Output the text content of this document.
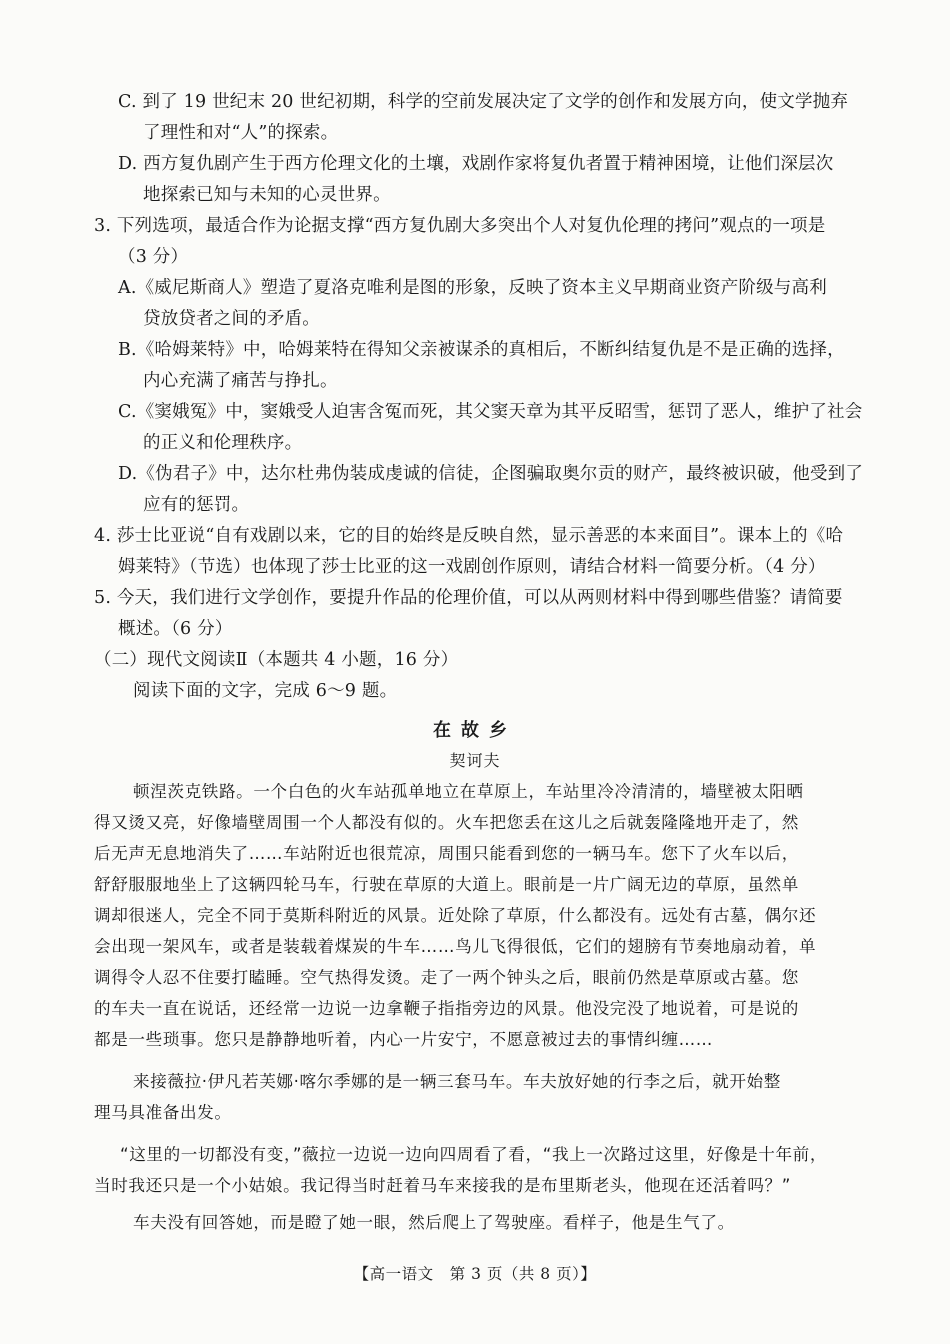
C. 到了 19 世纪末 20 世纪初期，科学的空前发展决定了文学的创作和发展方向，使文学抛弃
了理性和对“人”的探索。
D. 西方复仇剧产生于西方伦理文化的土壤，戏剧作家将复仇者置于精神困境，让他们深层次
地探索已知与未知的心灵世界。
3. 下列选项，最适合作为论据支撑“西方复仇剧大多突出个人对复仇伦理的拷问”观点的一项是
（3 分）
A.《威尼斯商人》塑造了夏洛克唯利是图的形象，反映了资本主义早期商业资产阶级与高利
贷放贷者之间的矛盾。
B.《哈姆莱特》中，哈姆莱特在得知父亲被谋杀的真相后，不断纠结复仇是不是正确的选择，
内心充满了痛苦与挣扎。
C.《窦娥冤》中，窦娥受人迫害含冤而死，其父窦天章为其平反昭雪，惩罚了恶人，维护了社会
的正义和伦理秩序。
D.《伪君子》中，达尔杜弗伪装成虔诚的信徒，企图骗取奥尔贡的财产，最终被识破，他受到了
应有的惩罚。
4. 莎士比亚说“自有戏剧以来，它的目的始终是反映自然，显示善恶的本来面目”。课本上的《哈
姆莱特》（节选）也体现了莎士比亚的这一戏剧创作原则，请结合材料一简要分析。（4 分）
5. 今天，我们进行文学创作，要提升作品的伦理价值，可以从两则材料中得到哪些借鉴？请简要
概述。（6 分）
（二）现代文阅读Ⅱ（本题共 4 小题，16 分）
阅读下面的文字，完成 6～9 题。
在故乡
契诃夫
顿涅茨克铁路。一个白色的火车站孤单地立在草原上，车站里冷冷清清的，墙壁被太阳晒
得又烫又亮，好像墙壁周围一个人都没有似的。火车把您丢在这儿之后就轰隆隆地开走了，然
后无声无息地消失了……车站附近也很荒凉，周围只能看到您的一辆马车。您下了火车以后，
舒舒服服地坐上了这辆四轮马车，行驶在草原的大道上。眼前是一片广阔无边的草原，虽然单
调却很迷人，完全不同于莫斯科附近的风景。近处除了草原，什么都没有。远处有古墓，偶尔还
会出现一架风车，或者是装载着煤炭的牛车……鸟儿飞得很低，它们的翅膀有节奏地扇动着，单
调得令人忍不住要打瞌睡。空气热得发烫。走了一两个钟头之后，眼前仍然是草原或古墓。您
的车夫一直在说话，还经常一边说一边拿鞭子指指旁边的风景。他没完没了地说着，可是说的
都是一些琐事。您只是静静地听着，内心一片安宁，不愿意被过去的事情纠缠……
来接薇拉·伊凡若芙娜·喀尔季娜的是一辆三套马车。车夫放好她的行李之后，就开始整
理马具准备出发。
“这里的一切都没有变，”薇拉一边说一边向四周看了看，“我上一次路过这里，好像是十年前，
当时我还只是一个小姑娘。我记得当时赶着马车来接我的是布里斯老头，他现在还活着吗？”
车夫没有回答她，而是瞪了她一眼，然后爬上了驾驶座。看样子，他是生气了。
【高一语文　第 3 页（共 8 页）】
